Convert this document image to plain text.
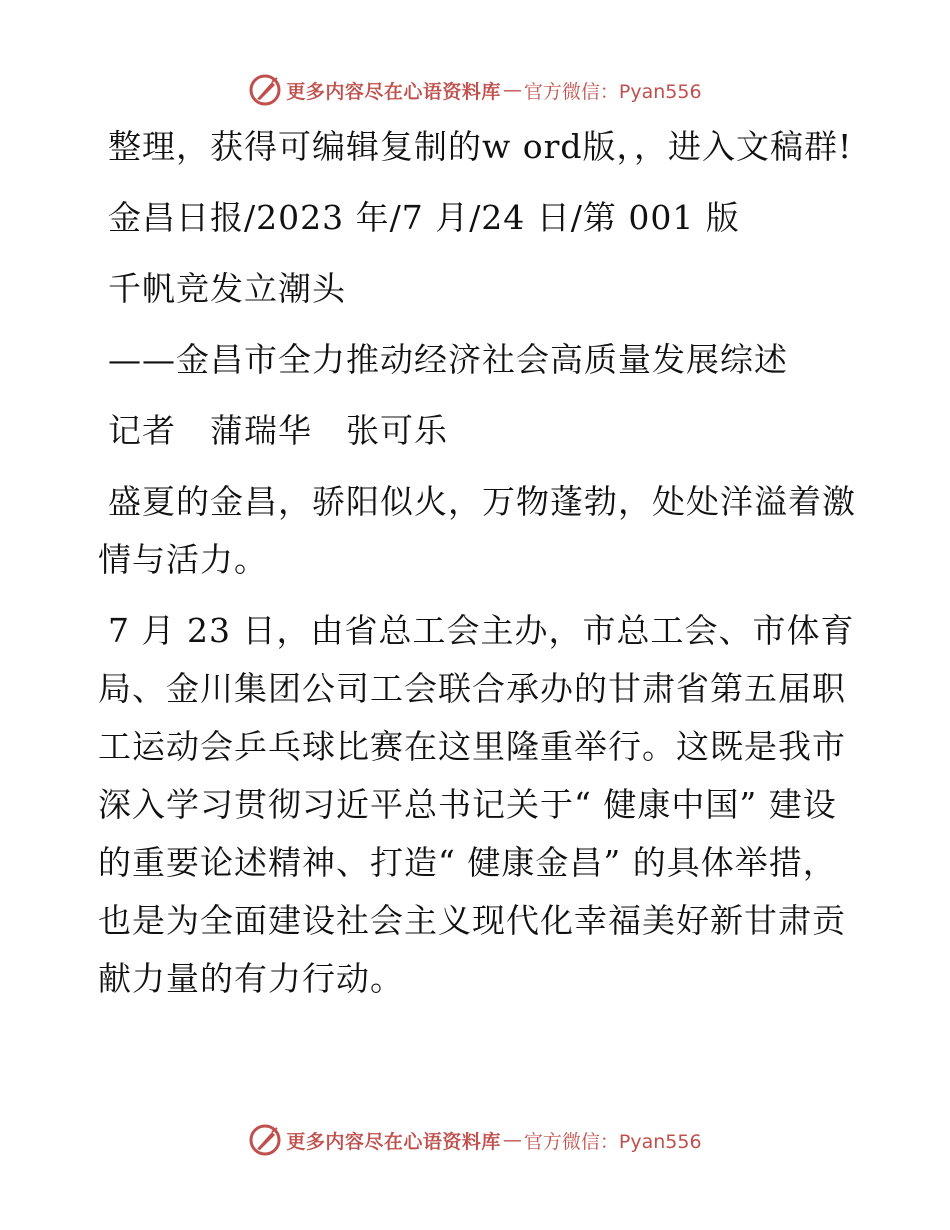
更多内容尽在心语资料库 — 官方微信：Pyan556

整理，获得可编辑复制的w ord版，，进入文稿群!

金昌日报/2023 年/7 月/24 日/第 001 版

千帆竞发立潮头

——金昌市全力推动经济社会高质量发展综述

记者　蒲瑞华　张可乐

盛夏的金昌，骄阳似火，万物蓬勃，处处洋溢着激情与活力。

7 月 23 日，由省总工会主办，市总工会、市体育局、金川集团公司工会联合承办的甘肃省第五届职工运动会乒乓球比赛在这里隆重举行。这既是我市深入学习贯彻习近平总书记关于“ 健康中国” 建设的重要论述精神、打造“ 健康金昌” 的具体举措，也是为全面建设社会主义现代化幸福美好新甘肃贡献力量的有力行动。

更多内容尽在心语资料库 — 官方微信：Pyan556
